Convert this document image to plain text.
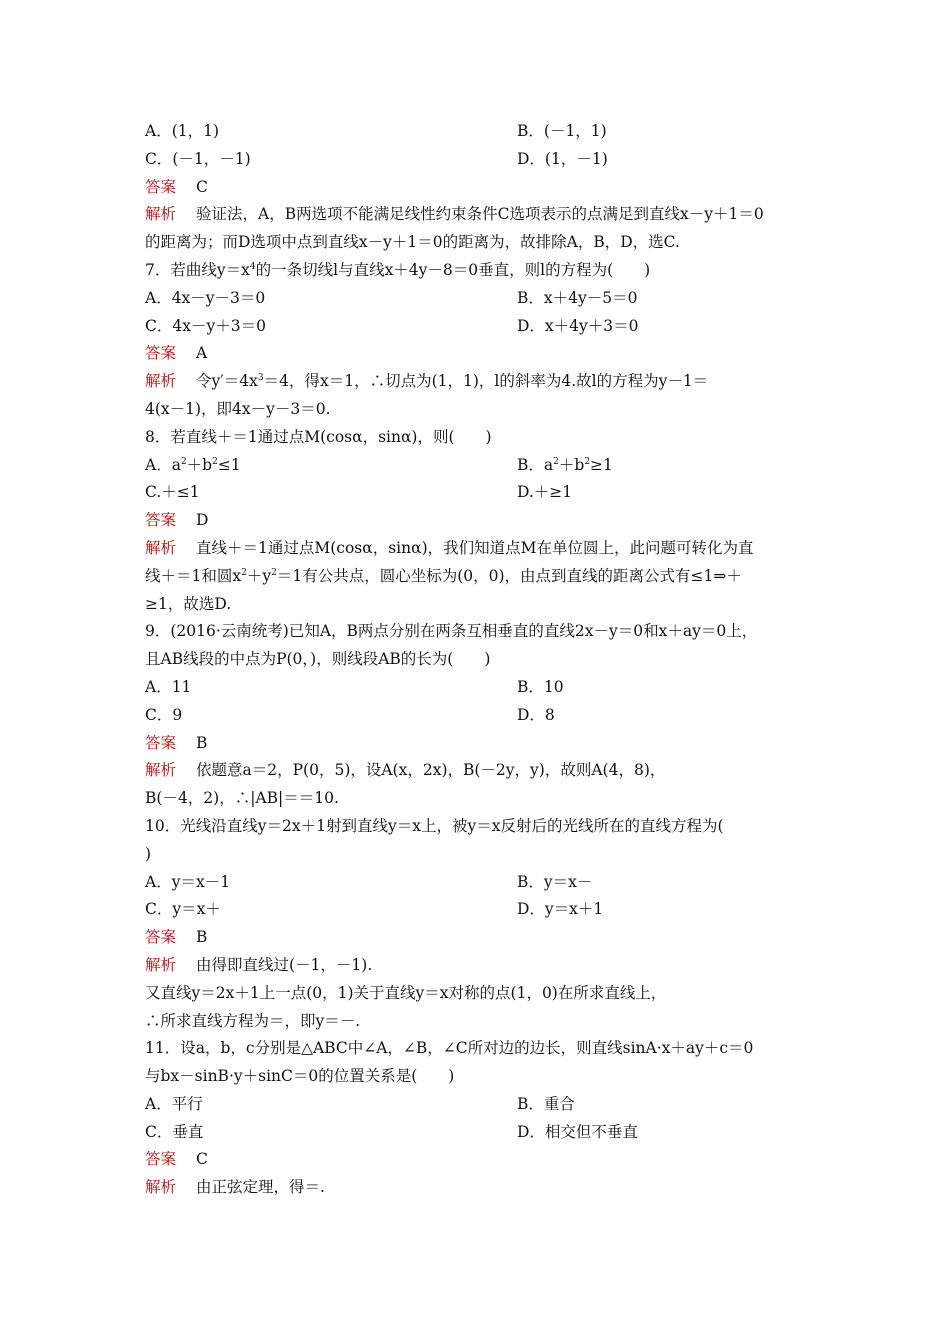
A．(1，1)	B．(－1，1)
C．(－1，－1)	D．(1，－1)
答案 C
解析 验证法，A，B两选项不能满足线性约束条件C选项表示的点满足到直线x－y＋1＝0
的距离为；而D选项中点到直线x－y＋1＝0的距离为，故排除A，B，D，选C.
7．若曲线$y=x^4$的一条切线l与直线x＋4y－8＝0垂直，则l的方程为(　　)
A．4x－y－3＝0	B．x＋4y－5＝0
C．4x－y＋3＝0	D．x＋4y＋3＝0
答案 A
解析 令$y'=4x^3=4$，得x＝1，∴切点为(1，1)，l的斜率为4.故l的方程为y－1＝
4(x－1)，即4x－y－3＝0.
8．若直线＋＝1通过点M(cosα，sinα)，则(　　)
A．$a^2+b^2\le 1$	B．$a^2+b^2\ge 1$
C.＋≤1	D.＋≥1
答案 D
解析 直线＋＝1通过点M(cosα，sinα)，我们知道点M在单位圆上，此问题可转化为直
线＋＝1和圆$x^2+y^2=1$有公共点，圆心坐标为(0，0)，由点到直线的距离公式有≤1⇒＋
≥1，故选D.
9．(2016·云南统考)已知A，B两点分别在两条互相垂直的直线2x－y＝0和x＋ay＝0上，
且AB线段的中点为P(0，)，则线段AB的长为(　　)
A．11	B．10
C．9	D．8
答案 B
解析 依题意a＝2，P(0，5)，设A(x，2x)，B(－2y，y)，故则A(4，8)，
B(－4，2)，∴|AB|＝＝10.
10．光线沿直线y＝2x＋1射到直线y＝x上，被y＝x反射后的光线所在的直线方程为(
)
A．y＝x－1	B．y＝x－
C．y＝x＋	D．y＝x＋1
答案 B
解析 由得即直线过(－1，－1).
又直线y＝2x＋1上一点(0，1)关于直线y＝x对称的点(1，0)在所求直线上，
∴所求直线方程为＝，即y＝－.
11．设a，b，c分别是△ABC中∠A，∠B，∠C所对边的边长，则直线sinA·x＋ay＋c＝0
与bx－sinB·y＋sinC＝0的位置关系是(　　)
A．平行	B．重合
C．垂直	D．相交但不垂直
答案 C
解析 由正弦定理，得＝.
